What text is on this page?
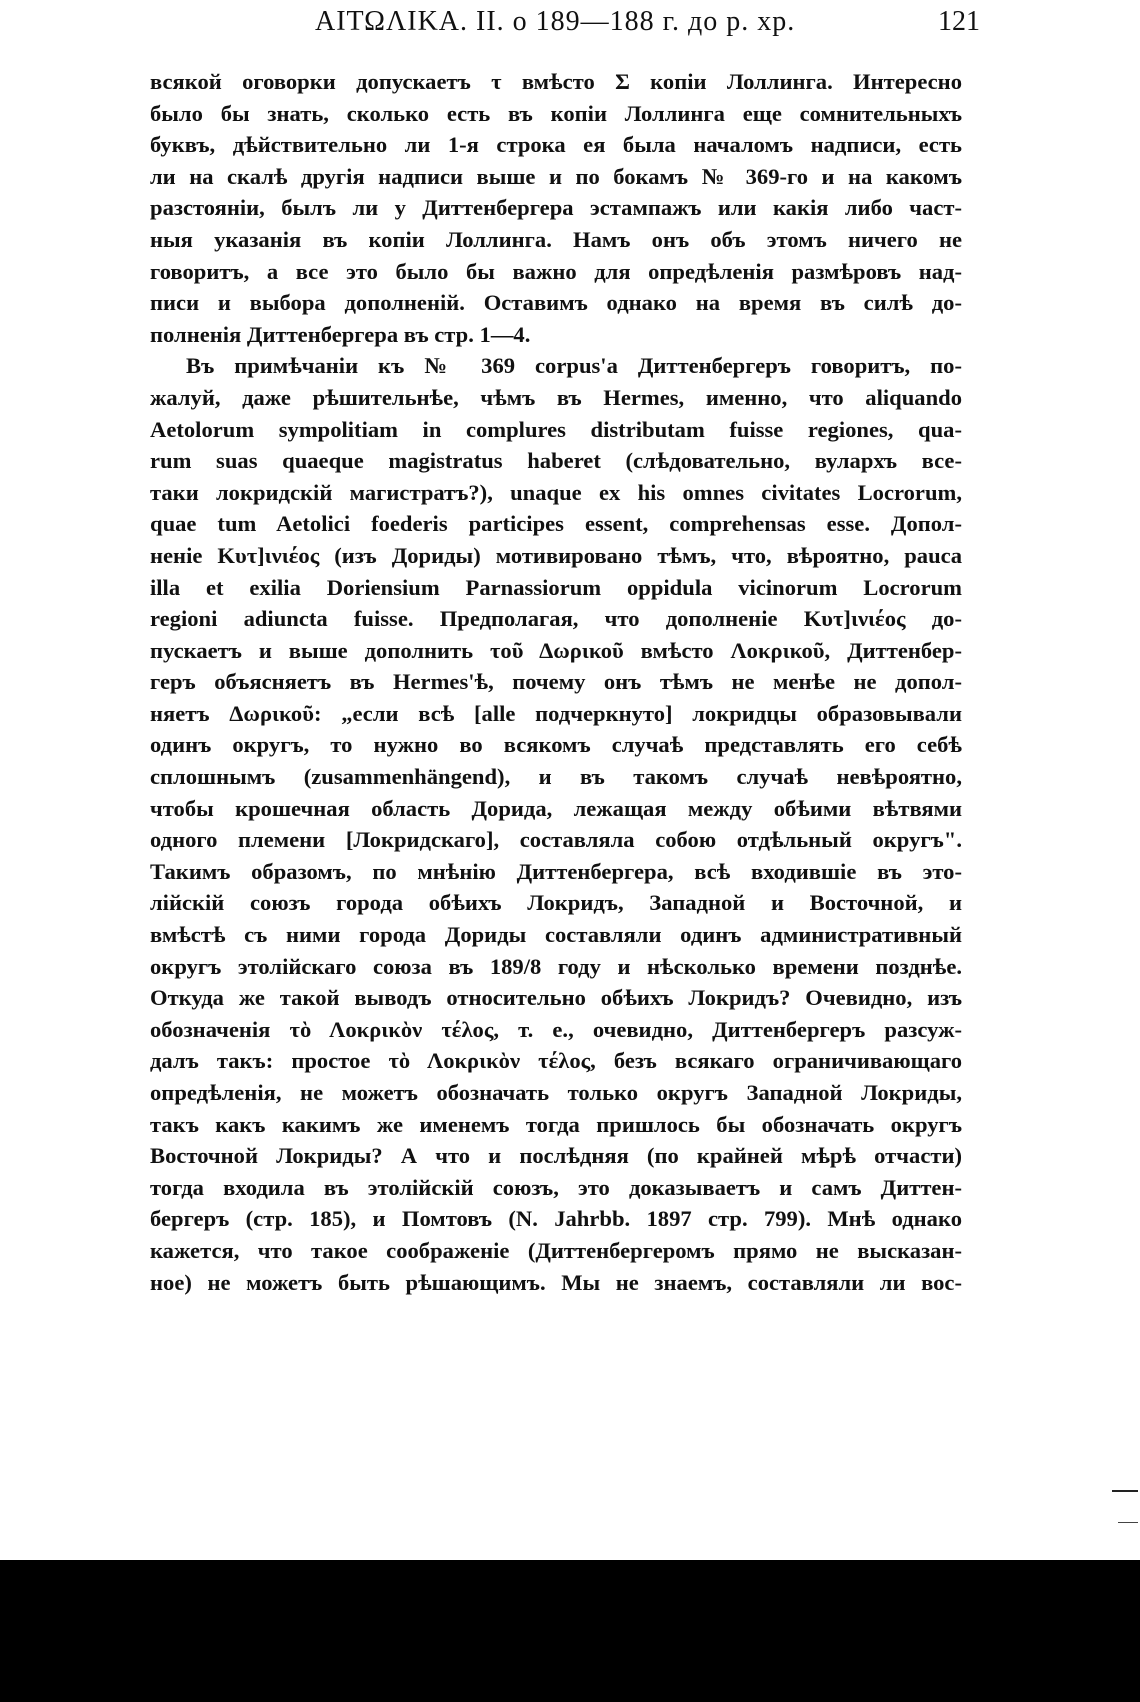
ΑΙΤΩΛΙΚΑ. II. о 189—188 г. до р. хр.	121
всякой оговорки допускаетъ τ вмѣсто Σ копіи Лоллинга. Интересно
было бы знать, сколько есть въ копіи Лоллинга еще сомнительныхъ
буквъ, дѣйствительно ли 1-я строка ея была началомъ надписи, есть
ли на скалѣ другія надписи выше и по бокамъ № 369-го и на какомъ
разстояніи, былъ ли у Диттенбергера эстампажъ или какія либо част-
ныя указанія въ копіи Лоллинга. Намъ онъ объ этомъ ничего не
говоритъ, а все это было бы важно для опредѣленія размѣровъ над-
писи и выбора дополненій. Оставимъ однако на время въ силѣ до-
полненія Диттенбергера въ стр. 1—4.
Въ примѣчаніи къ № 369 corpus'а Диттенбергеръ говоритъ, по-
жалуй, даже рѣшительнѣе, чѣмъ въ Hermes, именно, что aliquando
Aetolorum sympolitiam in complures distributam fuisse regiones, qua-
rum suas quaeque magistratus haberet (слѣдовательно, вулархъ все-
таки локридскій магистратъ?), unaque ex his omnes civitates Locrorum,
quae tum Aetolici foederis participes essent, comprehensas esse. Допол-
неніе Κυτ]ινιέος (изъ Дориды) мотивировано тѣмъ, что, вѣроятно, pauca
illa et exilia Doriensium Parnassiorum oppidula vicinorum Locrorum
regioni adiuncta fuisse. Предполагая, что дополненіе Κυτ]ινιέος до-
пускаетъ и выше дополнить τοῦ Δωρικοῦ вмѣсто Λοκρικοῦ, Диттенбер-
геръ объясняетъ въ Hermes'ѣ, почему онъ тѣмъ не менѣе не допол-
няетъ Δωρικοῦ: „если всѣ [alle подчеркнуто] локридцы образовывали
одинъ округъ, то нужно во всякомъ случаѣ представлять его себѣ
сплошнымъ (zusammenhängend), и въ такомъ случаѣ невѣроятно,
чтобы крошечная область Дорида, лежащая между обѣими вѣтвями
одного племени [Локридскаго], составляла собою отдѣльный округъ".
Такимъ образомъ, по мнѣнію Диттенбергера, всѣ входившіе въ это-
лійскій союзъ города обѣихъ Локридъ, Западной и Восточной, и
вмѣстѣ съ ними города Дориды составляли одинъ административный
округъ этолійскаго союза въ 189/8 году и нѣсколько времени позднѣе.
Откуда же такой выводъ относительно обѣихъ Локридъ? Очевидно, изъ
обозначенія τὸ Λοκρικὸν τέλος, т. е., очевидно, Диттенбергеръ разсуж-
далъ такъ: простое τὸ Λοκρικὸν τέλος, безъ всякаго ограничивающаго
опредѣленія, не можетъ обозначать только округъ Западной Локриды,
такъ какъ какимъ же именемъ тогда пришлось бы обозначать округъ
Восточной Локриды? А что и послѣдняя (по крайней мѣрѣ отчасти)
тогда входила въ этолійскій союзъ, это доказываетъ и самъ Диттен-
бергеръ (стр. 185), и Помтовъ (N. Jahrbb. 1897 стр. 799). Мнѣ однако
кажется, что такое соображеніе (Диттенбергеромъ прямо не высказан-
ное) не можетъ быть рѣшающимъ. Мы не знаемъ, составляли ли вос-
